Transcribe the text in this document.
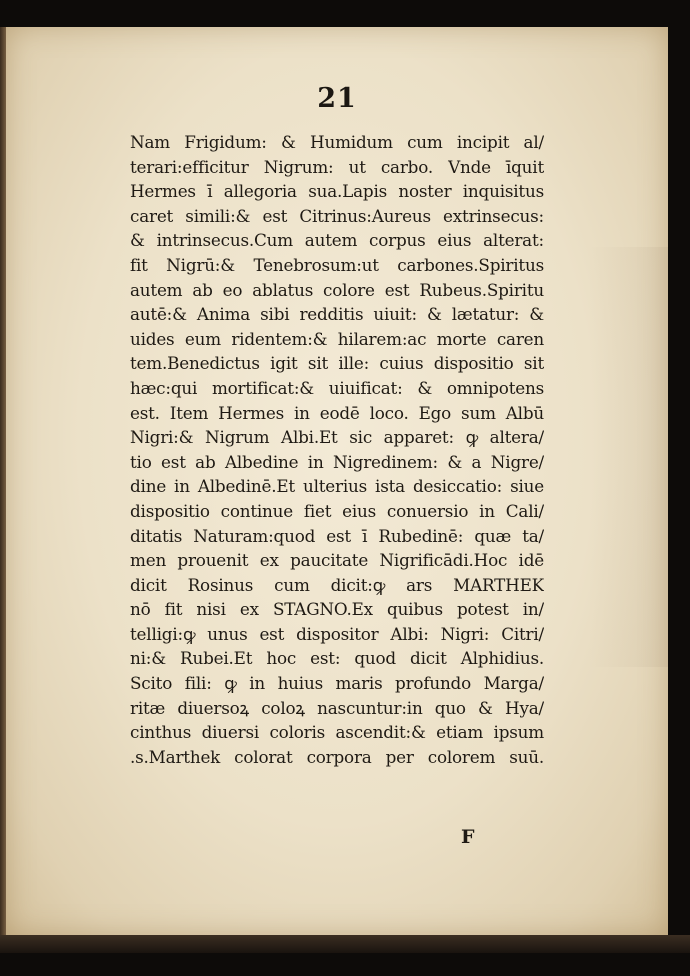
21
Nam Frigidum: & Humidum cum incipit al/
terari:efficitur Nigrum: ut carbo. Vnde īquit
Hermes ī allegoria sua.Lapis noster inquisitus
caret simili:& est Citrinus:Aureus extrinsecus:
& intrinsecus.Cum autem corpus eius alterat:
fit Nigrū:& Tenebrosum:ut carbones.Spiritus
autem ab eo ablatus colore est Rubeus.Spiritu
autē:& Anima sibi redditis uiuit: & lætatur: &
uides eum ridentem:& hilarem:ac morte caren
tem.Benedictus igit sit ille: cuius dispositio sit
hæc:qui mortificat:& uiuificat: & omnipotens
est. Item Hermes in eodē loco. Ego sum Albū
Nigri:& Nigrum Albi.Et sic apparet: ꝙ altera/
tio est ab Albedine in Nigredinem: & a Nigre/
dine in Albedinē.Et ulterius ista desiccatio: siue
dispositio continue fiet eius conuersio in Cali/
ditatis Naturam:quod est ī Rubedinē: quæ ta/
men prouenit ex paucitate Nigrificādi.Hoc idē
dicit Rosinus cum dicit:ꝙ ars MARTHEK
nō fit nisi ex STAGNO.Ex quibus potest in/
telligi:ꝙ unus est dispositor Albi: Nigri: Citri/
ni:& Rubei.Et hoc est: quod dicit Alphidius.
Scito fili: ꝙ in huius maris profundo Marga/
ritæ diuersoꝝ coloꝝ nascuntur:in quo & Hya/
cinthus diuersi coloris ascendit:& etiam ipsum
.s.Marthek colorat corpora per colorem suū.
F
